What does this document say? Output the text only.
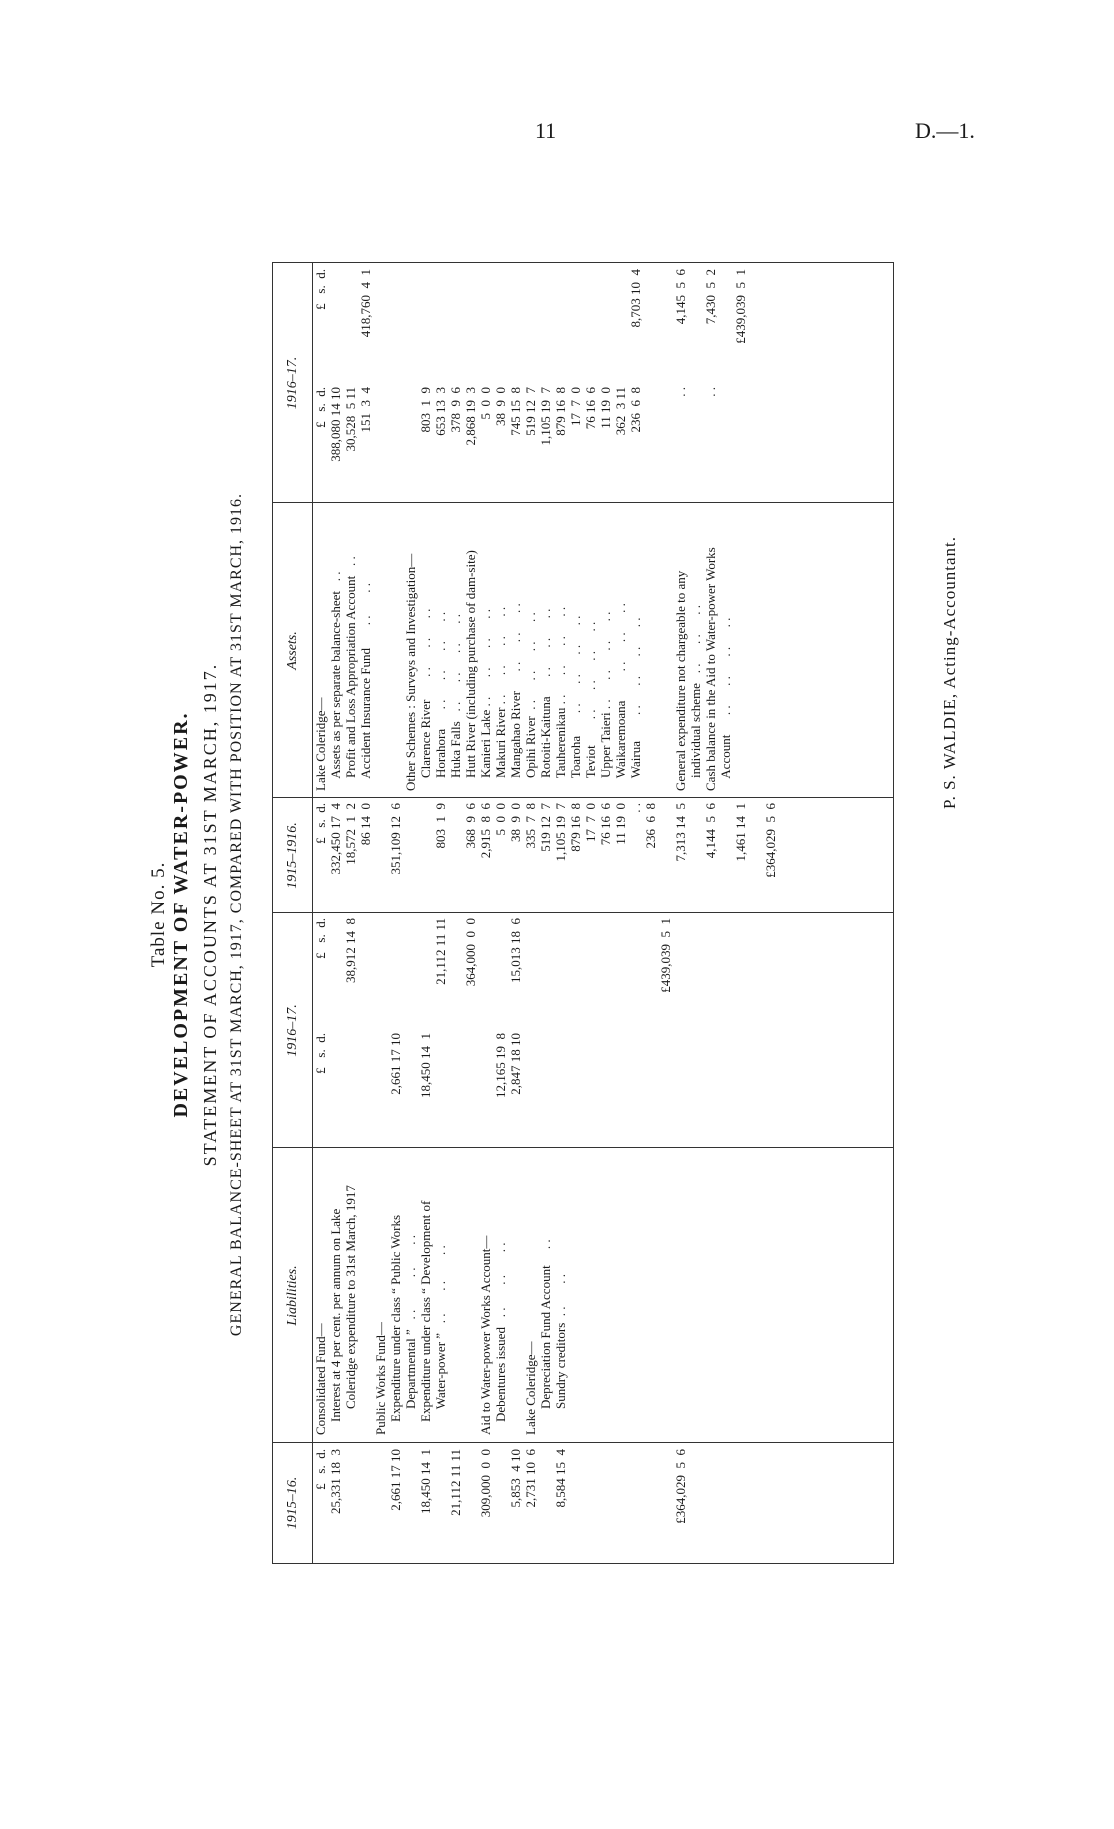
11	D.—1.
Table No. 5. DEVELOPMENT OF WATER-POWER. STATEMENT OF ACCOUNTS AT 31ST MARCH, 1917. GENERAL BALANCE-SHEET AT 31ST MARCH, 1917, COMPARED WITH POSITION AT 31ST MARCH, 1916.
1915–16.
Liabilities.
1916–17.
1915–1916.
Assets.
1916–17.
£   s.  d.
25,331 18  3

2,661 17 10

18,450 14  1

21,112 11 11

309,000  0  0

5,853  4 10
2,731 10  6

8,584 15  4

£364,029  5  6
Consolidated Fund—
Interest at 4 per cent. per annum on Lake
Coleridge expenditure to 31st March, 1917

Public Works Fund—
Expenditure under class “ Public Works
Departmental ”   . .          . .       . .
Expenditure under class “ Development of
Water-power ”   . .       . .        . .

Aid to Water-power Works Account—
Debentures issued   . .       . .       . .

Lake Coleridge—
Depreciation Fund Account     . .
Sundry creditors  . .       . .
£   s.  d.

2,661 17 10

18,450 14  1

12,165 19  8
2,847 18 10
£   s.  d.

38,912 14  8

21,112 11 11

364,000  0  0

15,013 18  6

£439,039  5  1
£   s.  d.
332,450 17  4
18,572  1  2
86 14  0

351,109 12  6

803  1  9

368  9  6
2,915  8  6
5  0  0
38  9  0
335  7  8
519 12  7
1,105 19  7
879 16  8
17  7  0
76 16  6
11 19  0
. .
236  6  8

7,313 14  5

4,144  5  6

1,461 14  1

£364,029  5  6
Lake Coleridge—
Assets as per separate balance-sheet   . .
Profit and Loss Appropriation Account   . .
Accident Insurance Fund       . .       . .

Other Schemes : Surveys and Investigation—
Clarence River       . .      . .      . .
Horahora      . .      . .      . .      . .
Huka Falls   . .      . .      . .      . .
Hutt River (including purchase of dam-site)
Kanieri Lake . .      . .      . .      . .
Makuri River . .      . .      . .      . .
Mangahao River      . .      . .      . .
Opihi River  . .      . .      . .      . .
Rotoiti-Kaituna      . .      . .      . .
Tauherenikau . .      . .      . .      . .
Toaroha       . .      . .      . .      . .
Teviot        . .      . .      . .      . .
Upper Taieri . .      . .      . .      . .
Waikaremoana         . .      . .      . .
Wairua        . .      . .      . .      . .

General expenditure not chargeable to any
individual scheme   . .      . .      . .
Cash balance in the Aid to Water-power Works
Account      . .      . .      . .      . .
£   s.  d.
388,080 14 10
30,528  5 11
151  3  4

803  1  9
653 13  3
378  9  6
2,868 19  3
5  0  0
38  9  0
745 15  8
519 12  7
1,105 19  7
879 16  8
17  7  0
76 16  6
11 19  0
362  3 11
236  6  8

. .

. .
£   s.  d.

418,760  4  1

8,703 10  4

4,145  5  6

7,430  5  2

£439,039  5  1
P. S. WALDIE, Acting-Accountant.
